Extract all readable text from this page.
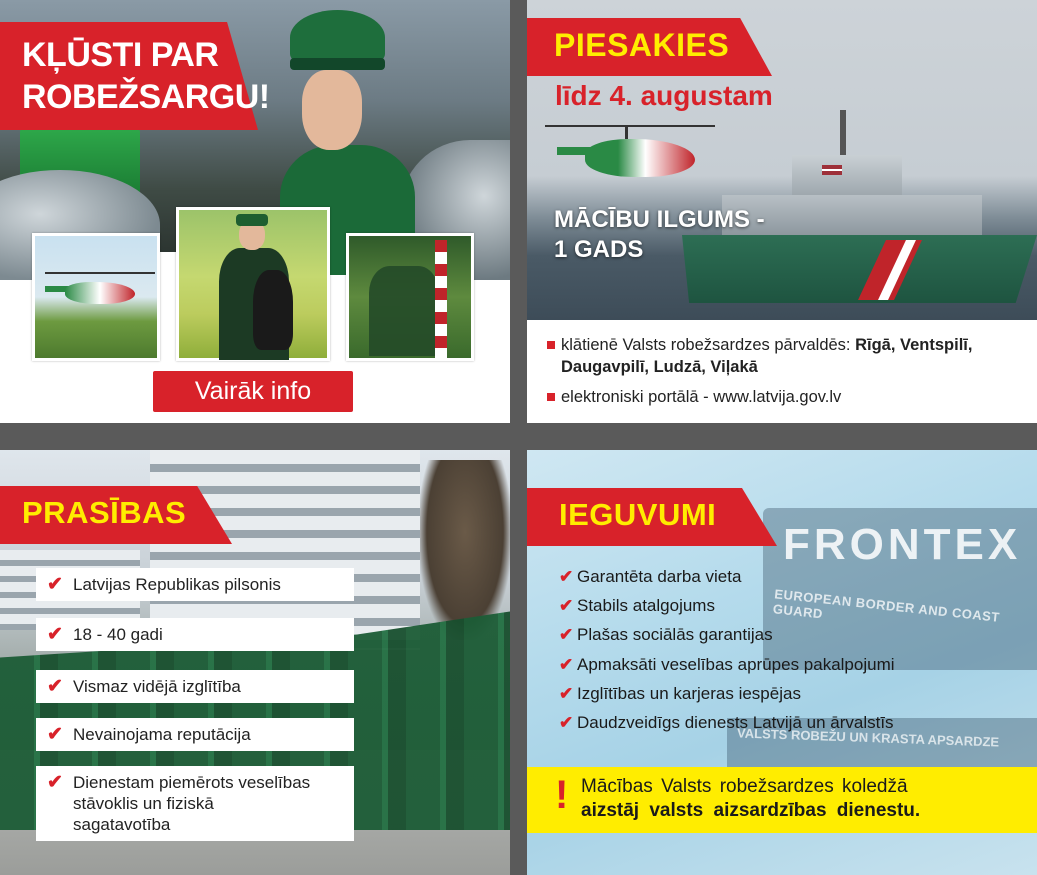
KĻŪSTI PAR
ROBEŽSARGU!
Vairāk info
PIESAKIES
līdz 4. augustam
MĀCĪBU ILGUMS -
1 GADS
klātienē Valsts robežsardzes pārvaldēs: Rīgā, Ventspilī, Daugavpilī, Ludzā, Viļakā
elektroniski portālā - www.latvija.gov.lv
PRASĪBAS
✔ Latvijas Republikas pilsonis
✔ 18 - 40 gadi
✔ Vismaz vidējā izglītība
✔ Nevainojama reputācija
✔ Dienestam piemērots veselības stāvoklis un fiziskā sagatavotība
FRONTEX
EUROPEAN BORDER AND COAST GUARD
VALSTS ROBEŽU UN KRASTA APSARDZE
IEGUVUMI
✔ Garantēta darba vieta
✔ Stabils atalgojums
✔ Plašas sociālās garantijas
✔ Apmaksāti veselības aprūpes pakalpojumi
✔ Izglītības un karjeras iespējas
✔ Daudzveidīgs dienests Latvijā un ārvalstīs
! Mācības Valsts robežsardzes koledžā
aizstāj valsts aizsardzības dienestu.
